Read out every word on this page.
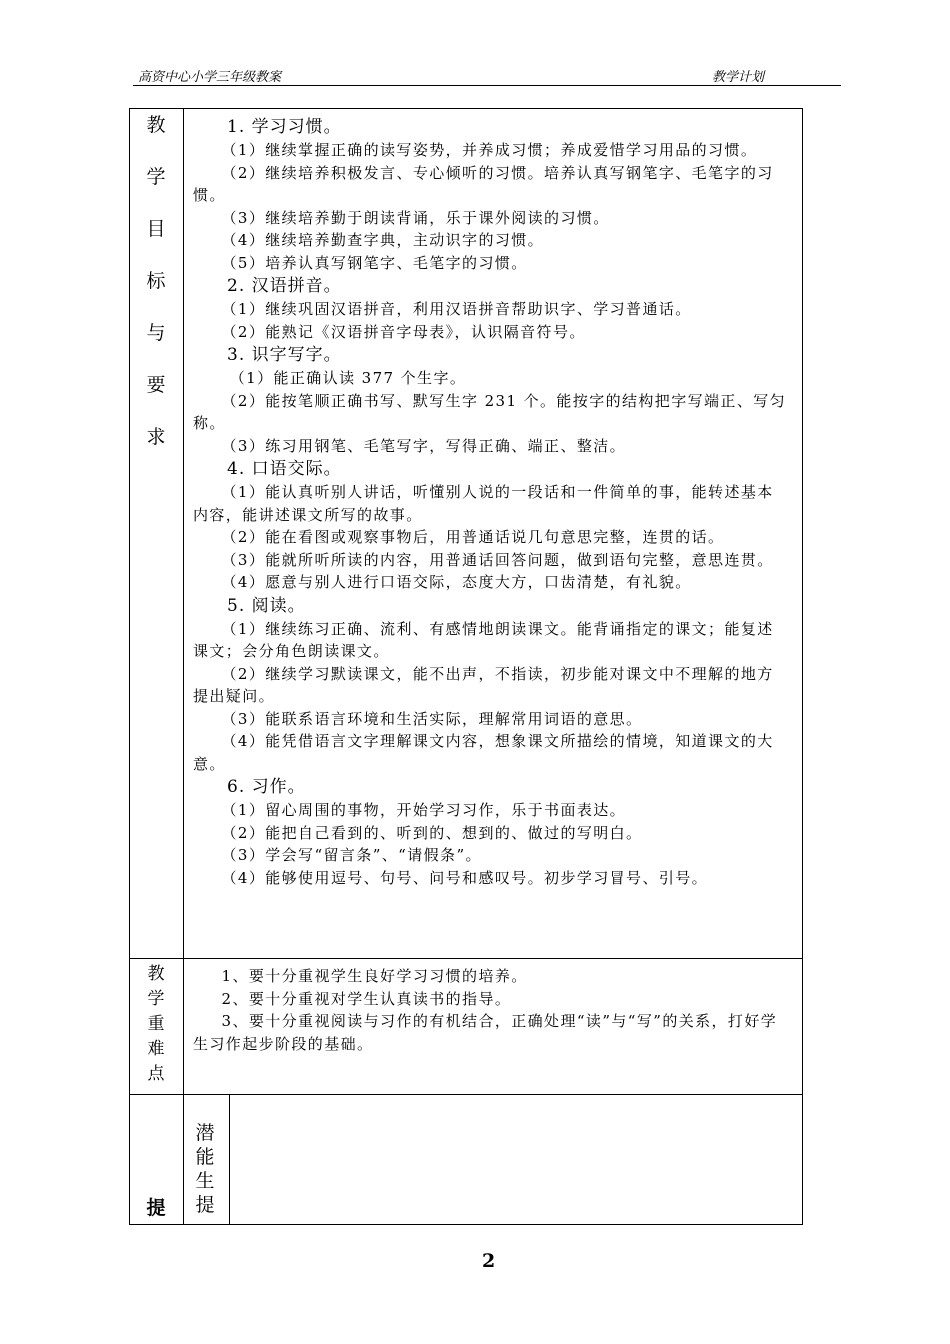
高资中心小学三年级教案	教学计划
教
学
目
标
与
要
求

1. 学习习惯。

（1）继续掌握正确的读写姿势，并养成习惯；养成爱惜学习用品的习惯。

（2）继续培养积极发言、专心倾听的习惯。培养认真写钢笔字、毛笔字的习惯。

（3）继续培养勤于朗读背诵，乐于课外阅读的习惯。

（4）继续培养勤查字典，主动识字的习惯。

（5）培养认真写钢笔字、毛笔字的习惯。

2. 汉语拼音。

（1）继续巩固汉语拼音，利用汉语拼音帮助识字、学习普通话。

（2）能熟记《汉语拼音字母表》，认识隔音符号。

3. 识字写字。

（1）能正确认读 377 个生字。

（2）能按笔顺正确书写、默写生字 231 个。能按字的结构把字写端正、写匀称。

（3）练习用钢笔、毛笔写字，写得正确、端正、整洁。

4. 口语交际。

（1）能认真听别人讲话，听懂别人说的一段话和一件简单的事，能转述基本内容，能讲述课文所写的故事。

（2）能在看图或观察事物后，用普通话说几句意思完整，连贯的话。

（3）能就所听所读的内容，用普通话回答问题，做到语句完整，意思连贯。

（4）愿意与别人进行口语交际，态度大方，口齿清楚，有礼貌。

5. 阅读。

（1）继续练习正确、流利、有感情地朗读课文。能背诵指定的课文；能复述课文；会分角色朗读课文。

（2）继续学习默读课文，能不出声，不指读，初步能对课文中不理解的地方提出疑问。

（3）能联系语言环境和生活实际，理解常用词语的意思。

（4）能凭借语言文字理解课文内容，想象课文所描绘的情境，知道课文的大意。

6. 习作。

（1）留心周围的事物，开始学习习作，乐于书面表达。

（2）能把自己看到的、听到的、想到的、做过的写明白。

（3）学会写“留言条”、“请假条”。

（4）能够使用逗号、句号、问号和感叹号。初步学习冒号、引号。

教
学
重
难
点

1、要十分重视学生良好学习习惯的培养。

2、要十分重视对学生认真读书的指导。

3、要十分重视阅读与习作的有机结合，正确处理“读”与“写”的关系，打好学生习作起步阶段的基础。

提
潜
能
生
提
2
